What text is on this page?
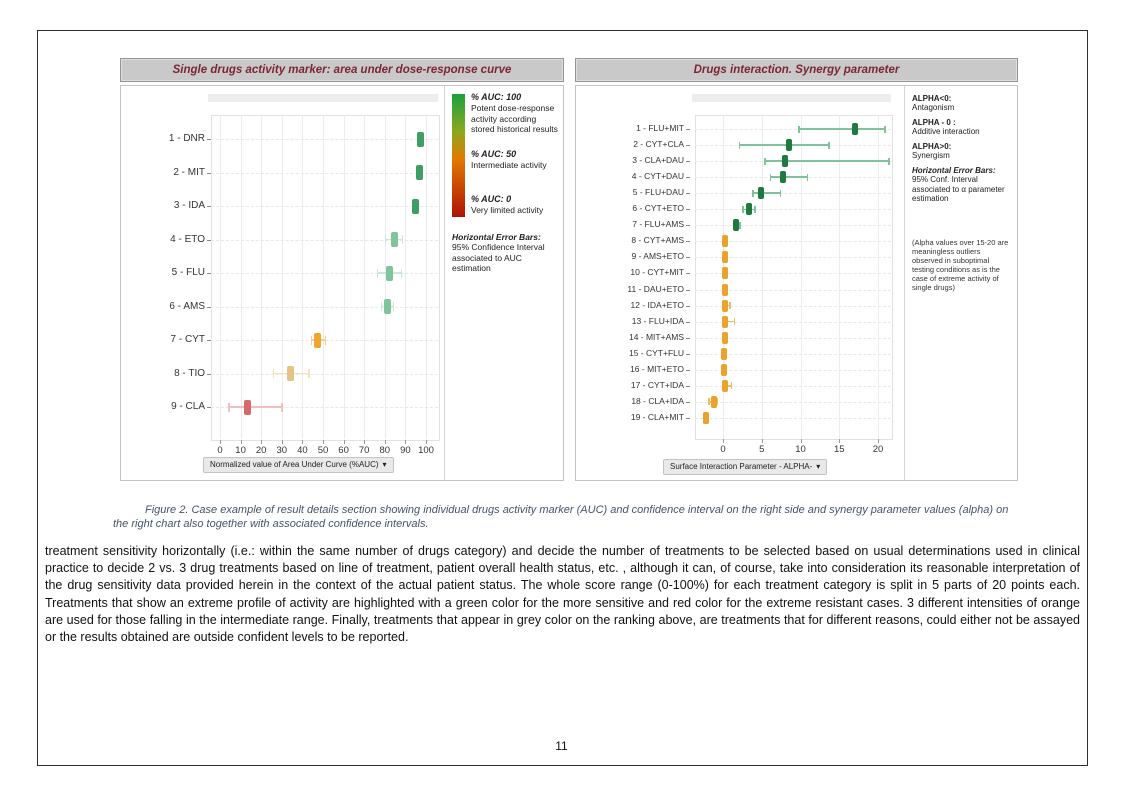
Single drugs activity marker: area under dose-response curve
0	10	20	30	40	50	60	70	80	90 100
1 - DNR
2 - MIT
3 - IDA
4 - ETO
5 - FLU
6 - AMS
7 - CYT
8 - TIO
9 - CLA
Normalized value of Area Under Curve (%AUC) ▾
% AUC: 100
Potent dose-response activity according stored historical results
% AUC: 50
Intermediate activity
% AUC: 0
Very limited activity
Horizontal Error Bars:
95% Confidence Interval associated to AUC estimation
Drugs interaction. Synergy parameter
0	5	10	15	20
1 - FLU+MIT
2 - CYT+CLA
3 - CLA+DAU
4 - CYT+DAU
5 - FLU+DAU
6 - CYT+ETO
7 - FLU+AMS
8 - CYT+AMS
9 - AMS+ETO
10 - CYT+MIT
11 - DAU+ETO
12 - IDA+ETO
13 - FLU+IDA
14 - MIT+AMS
15 - CYT+FLU
16 - MIT+ETO
17 - CYT+IDA
18 - CLA+IDA
19 - CLA+MIT
Surface Interaction Parameter - ALPHA- ▾
ALPHA<0:
Antagonism
ALPHA - 0 :
Additive interaction
ALPHA>0:
Synergism
Horizontal Error Bars:
95% Conf. Interval associated to α parameter estimation
(Alpha values over 15-20 are meaningless outliers observed in suboptimal testing conditions as is the case of extreme activity of single drugs)
Figure 2. Case example of result details section showing individual drugs activity marker (AUC) and confidence interval on the right side and synergy parameter values (alpha) on the right chart also together with associated confidence intervals.
treatment sensitivity horizontally (i.e.: within the same number of drugs category) and decide the number of treatments to be selected based on usual determinations used in clinical practice to decide 2 vs. 3 drug treatments based on line of treatment, patient overall health status, etc. , although it can, of course, take into consideration its reasonable interpretation of the drug sensitivity data provided herein in the context of the actual patient status. The whole score range (0-100%) for each treatment category is split in 5 parts of 20 points each. Treatments that show an extreme profile of activity are highlighted with a green color for the more sensitive and red color for the extreme resistant cases. 3 different intensities of orange are used for those falling in the intermediate range. Finally, treatments that appear in grey color on the ranking above, are treatments that for different reasons, could either not be assayed or the results obtained are outside confident levels to be reported.
11
